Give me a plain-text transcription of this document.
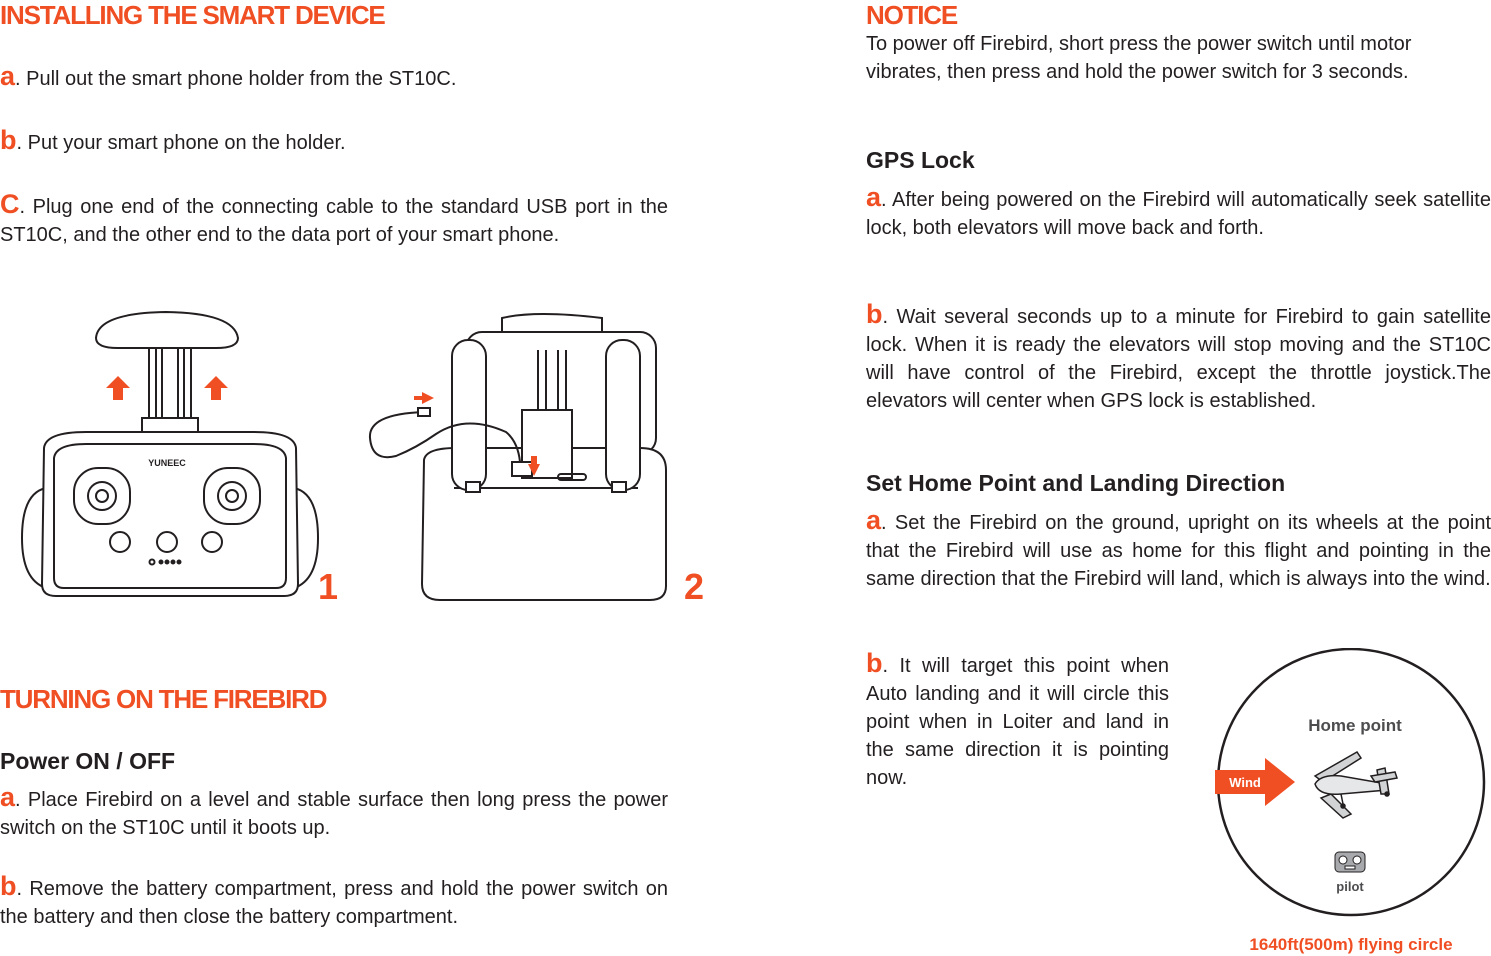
INSTALLING THE SMART DEVICE

a. Pull out the smart phone holder from the ST10C.

b. Put your smart phone on the holder.

C. Plug one end of the connecting cable to the standard USB port in the ST10C, and the other end to the data port of your smart phone.

YUNEEC
1	2
TURNING ON THE FIREBIRD
Power ON / OFF

a. Place Firebird on a level and stable surface then long press the power switch on the ST10C until it boots up.

b. Remove the battery compartment, press and hold the power switch on the battery and then close the battery compartment.

NOTICE

To power off Firebird, short press the power switch until motor vibrates, then press and hold the power switch for 3 seconds.

GPS Lock

a. After being powered on the Firebird will automatically seek satellite lock, both elevators will move back and forth.

b. Wait several seconds up to a minute for Firebird to gain satellite lock. When it is ready the elevators will stop moving and the ST10C will have control of the Firebird, except the throttle joystick.The elevators will center when GPS lock is established.

Set Home Point and Landing Direction

a. Set the Firebird on the ground, upright on its wheels at the point that the Firebird will use as home for this flight and pointing in the same direction that the Firebird will land, which is always into the wind.

b. It will target this point when Auto landing and it will circle this point when in Loiter and land in the same direction it is pointing now.

Home point
Wind
pilot
1640ft(500m) flying circle
